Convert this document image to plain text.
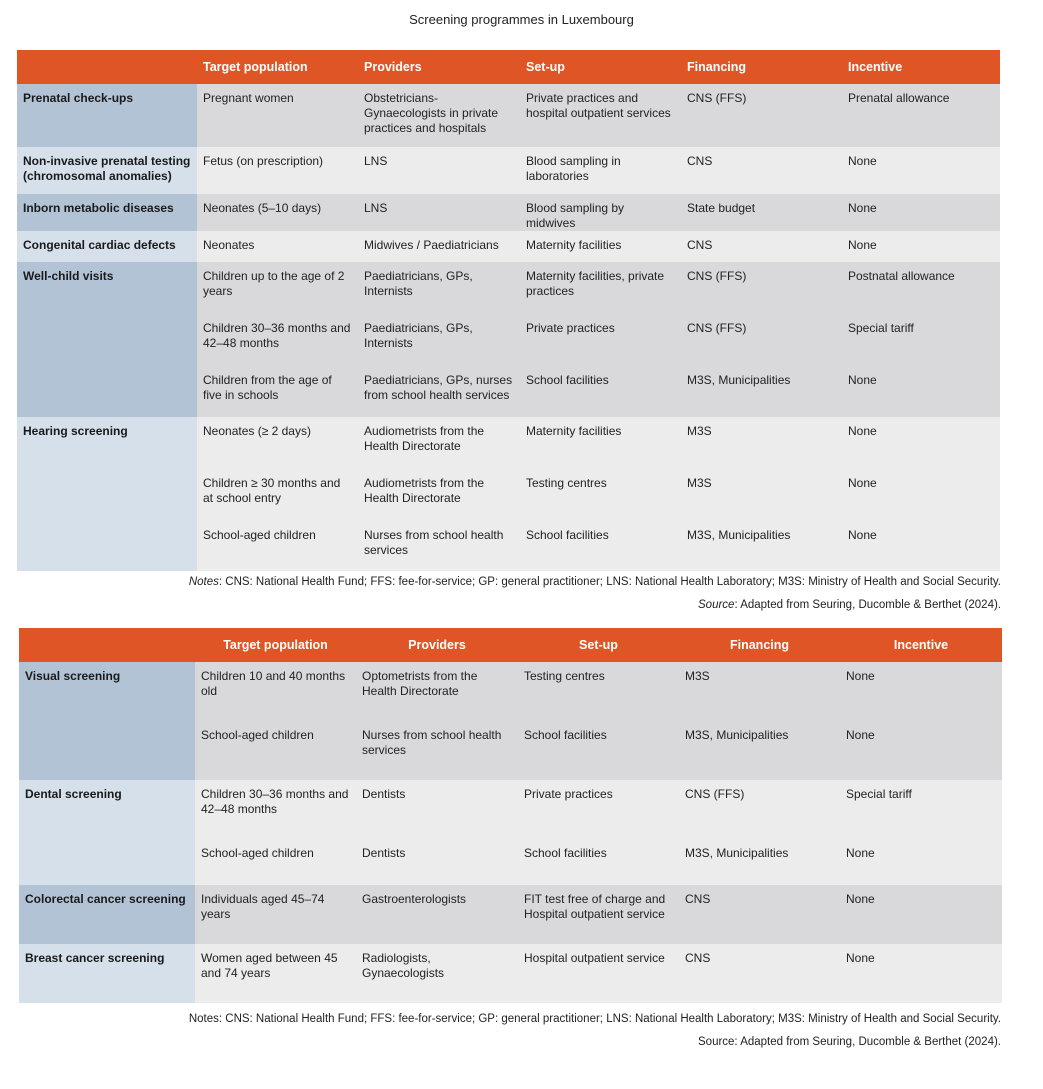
Screening programmes in Luxembourg
	Target population	Providers	Set-up	Financing	Incentive
Prenatal check-ups	Pregnant women	Obstetricians-Gynaecologists in private practices and hospitals	Private practices and hospital outpatient services	CNS (FFS)	Prenatal allowance
Non-invasive prenatal testing (chromosomal anomalies)	Fetus (on prescription)	LNS	Blood sampling in laboratories	CNS	None
Inborn metabolic diseases	Neonates (5–10 days)	LNS	Blood sampling by midwives	State budget	None
Congenital cardiac defects	Neonates	Midwives / Paediatricians	Maternity facilities	CNS	None
Well-child visits	Children up to the age of 2 years	Paediatricians, GPs, Internists	Maternity facilities, private practices	CNS (FFS)	Postnatal allowance
	Children 30–36 months and 42–48 months	Paediatricians, GPs, Internists	Private practices	CNS (FFS)	Special tariff
	Children from the age of five in schools	Paediatricians, GPs, nurses from school health services	School facilities	M3S, Municipalities	None
Hearing screening	Neonates (≥ 2 days)	Audiometrists from the Health Directorate	Maternity facilities	M3S	None
	Children ≥ 30 months and at school entry	Audiometrists from the Health Directorate	Testing centres	M3S	None
	School-aged children	Nurses from school health services	School facilities	M3S, Municipalities	None
Notes: CNS: National Health Fund; FFS: fee-for-service; GP: general practitioner; LNS: National Health Laboratory; M3S: Ministry of Health and Social Security.
Source: Adapted from Seuring, Ducomble & Berthet (2024).
	Target population	Providers	Set-up	Financing	Incentive
Visual screening	Children 10 and 40 months old	Optometrists from the Health Directorate	Testing centres	M3S	None
	School-aged children	Nurses from school health services	School facilities	M3S, Municipalities	None
Dental screening	Children 30–36 months and 42–48 months	Dentists	Private practices	CNS (FFS)	Special tariff
	School-aged children	Dentists	School facilities	M3S, Municipalities	None
Colorectal cancer screening	Individuals aged 45–74 years	Gastroenterologists	FIT test free of charge and Hospital outpatient service	CNS	None
Breast cancer screening	Women aged between 45 and 74 years	Radiologists, Gynaecologists	Hospital outpatient service	CNS	None
Notes: CNS: National Health Fund; FFS: fee-for-service; GP: general practitioner; LNS: National Health Laboratory; M3S: Ministry of Health and Social Security.
Source: Adapted from Seuring, Ducomble & Berthet (2024).
